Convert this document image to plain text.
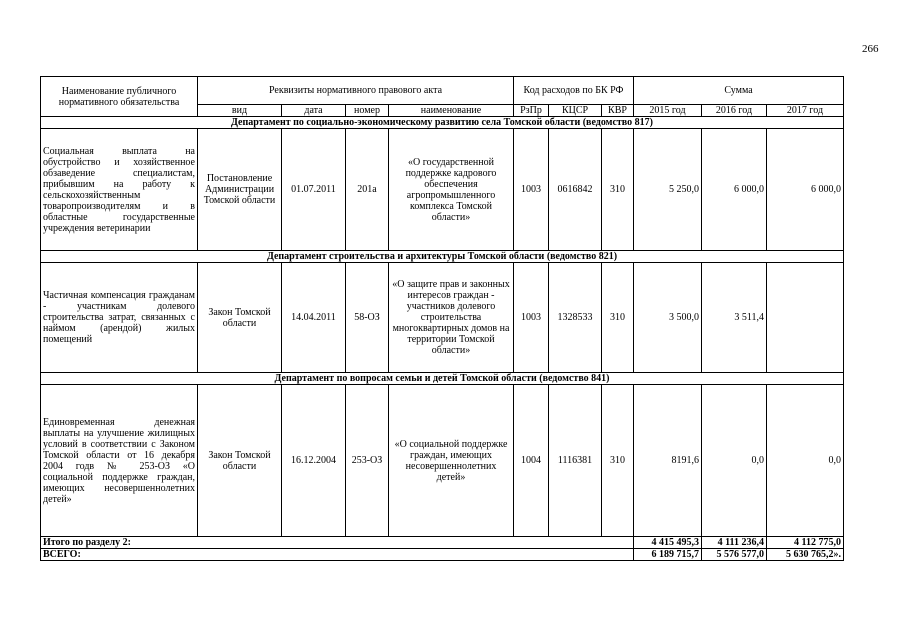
266
Наименование публичного нормативного обязательства	Реквизиты нормативного правового акта				Код расходов по БК РФ			Сумма		
	вид	дата	номер	наименование	РзПр	КЦСР	КВР	2015 год	2016 год	2017 год
Департамент по социально-экономическому развитию села Томской области (ведомство 817)										
Социальная выплата на обустройство и хозяйственное обзаведение специалистам, прибывшим на работу к сельскохозяйственным товаропроизводителям и в областные государственные учреждения ветеринарии	Постановление Администрации Томской области	01.07.2011	201а	«О государственной поддержке кадрового обеспечения агропромышленного комплекса Томской области»	1003	0616842	310	5 250,0	6 000,0	6 000,0
Департамент строительства и архитектуры Томской области (ведомство 821)										
Частичная компенсация гражданам - участникам долевого строительства затрат, связанных с наймом (арендой) жилых помещений	Закон Томской области	14.04.2011	58-ОЗ	«О защите прав и законных интересов граждан - участников долевого строительства многоквартирных домов на территории Томской области»	1003	1328533	310	3 500,0	3 511,4	
Департамент по вопросам семьи и детей Томской области (ведомство 841)										
Единовременная денежная выплаты на улучшение жилищных условий в соответствии с Законом Томской области от 16 декабря 2004 годв № 253-ОЗ «О социальной поддержке граждан, имеющих несовершеннолетних детей»	Закон Томской области	16.12.2004	253-ОЗ	«О социальной поддержке граждан, имеющих несовершеннолетних детей»	1004	1116381	310	8191,6	0,0	0,0
Итого по разделу 2:								4 415 495,3	4 111 236,4	4 112 775,0
ВСЕГО:								6 189 715,7	5 576 577,0	5 630 765,2».
